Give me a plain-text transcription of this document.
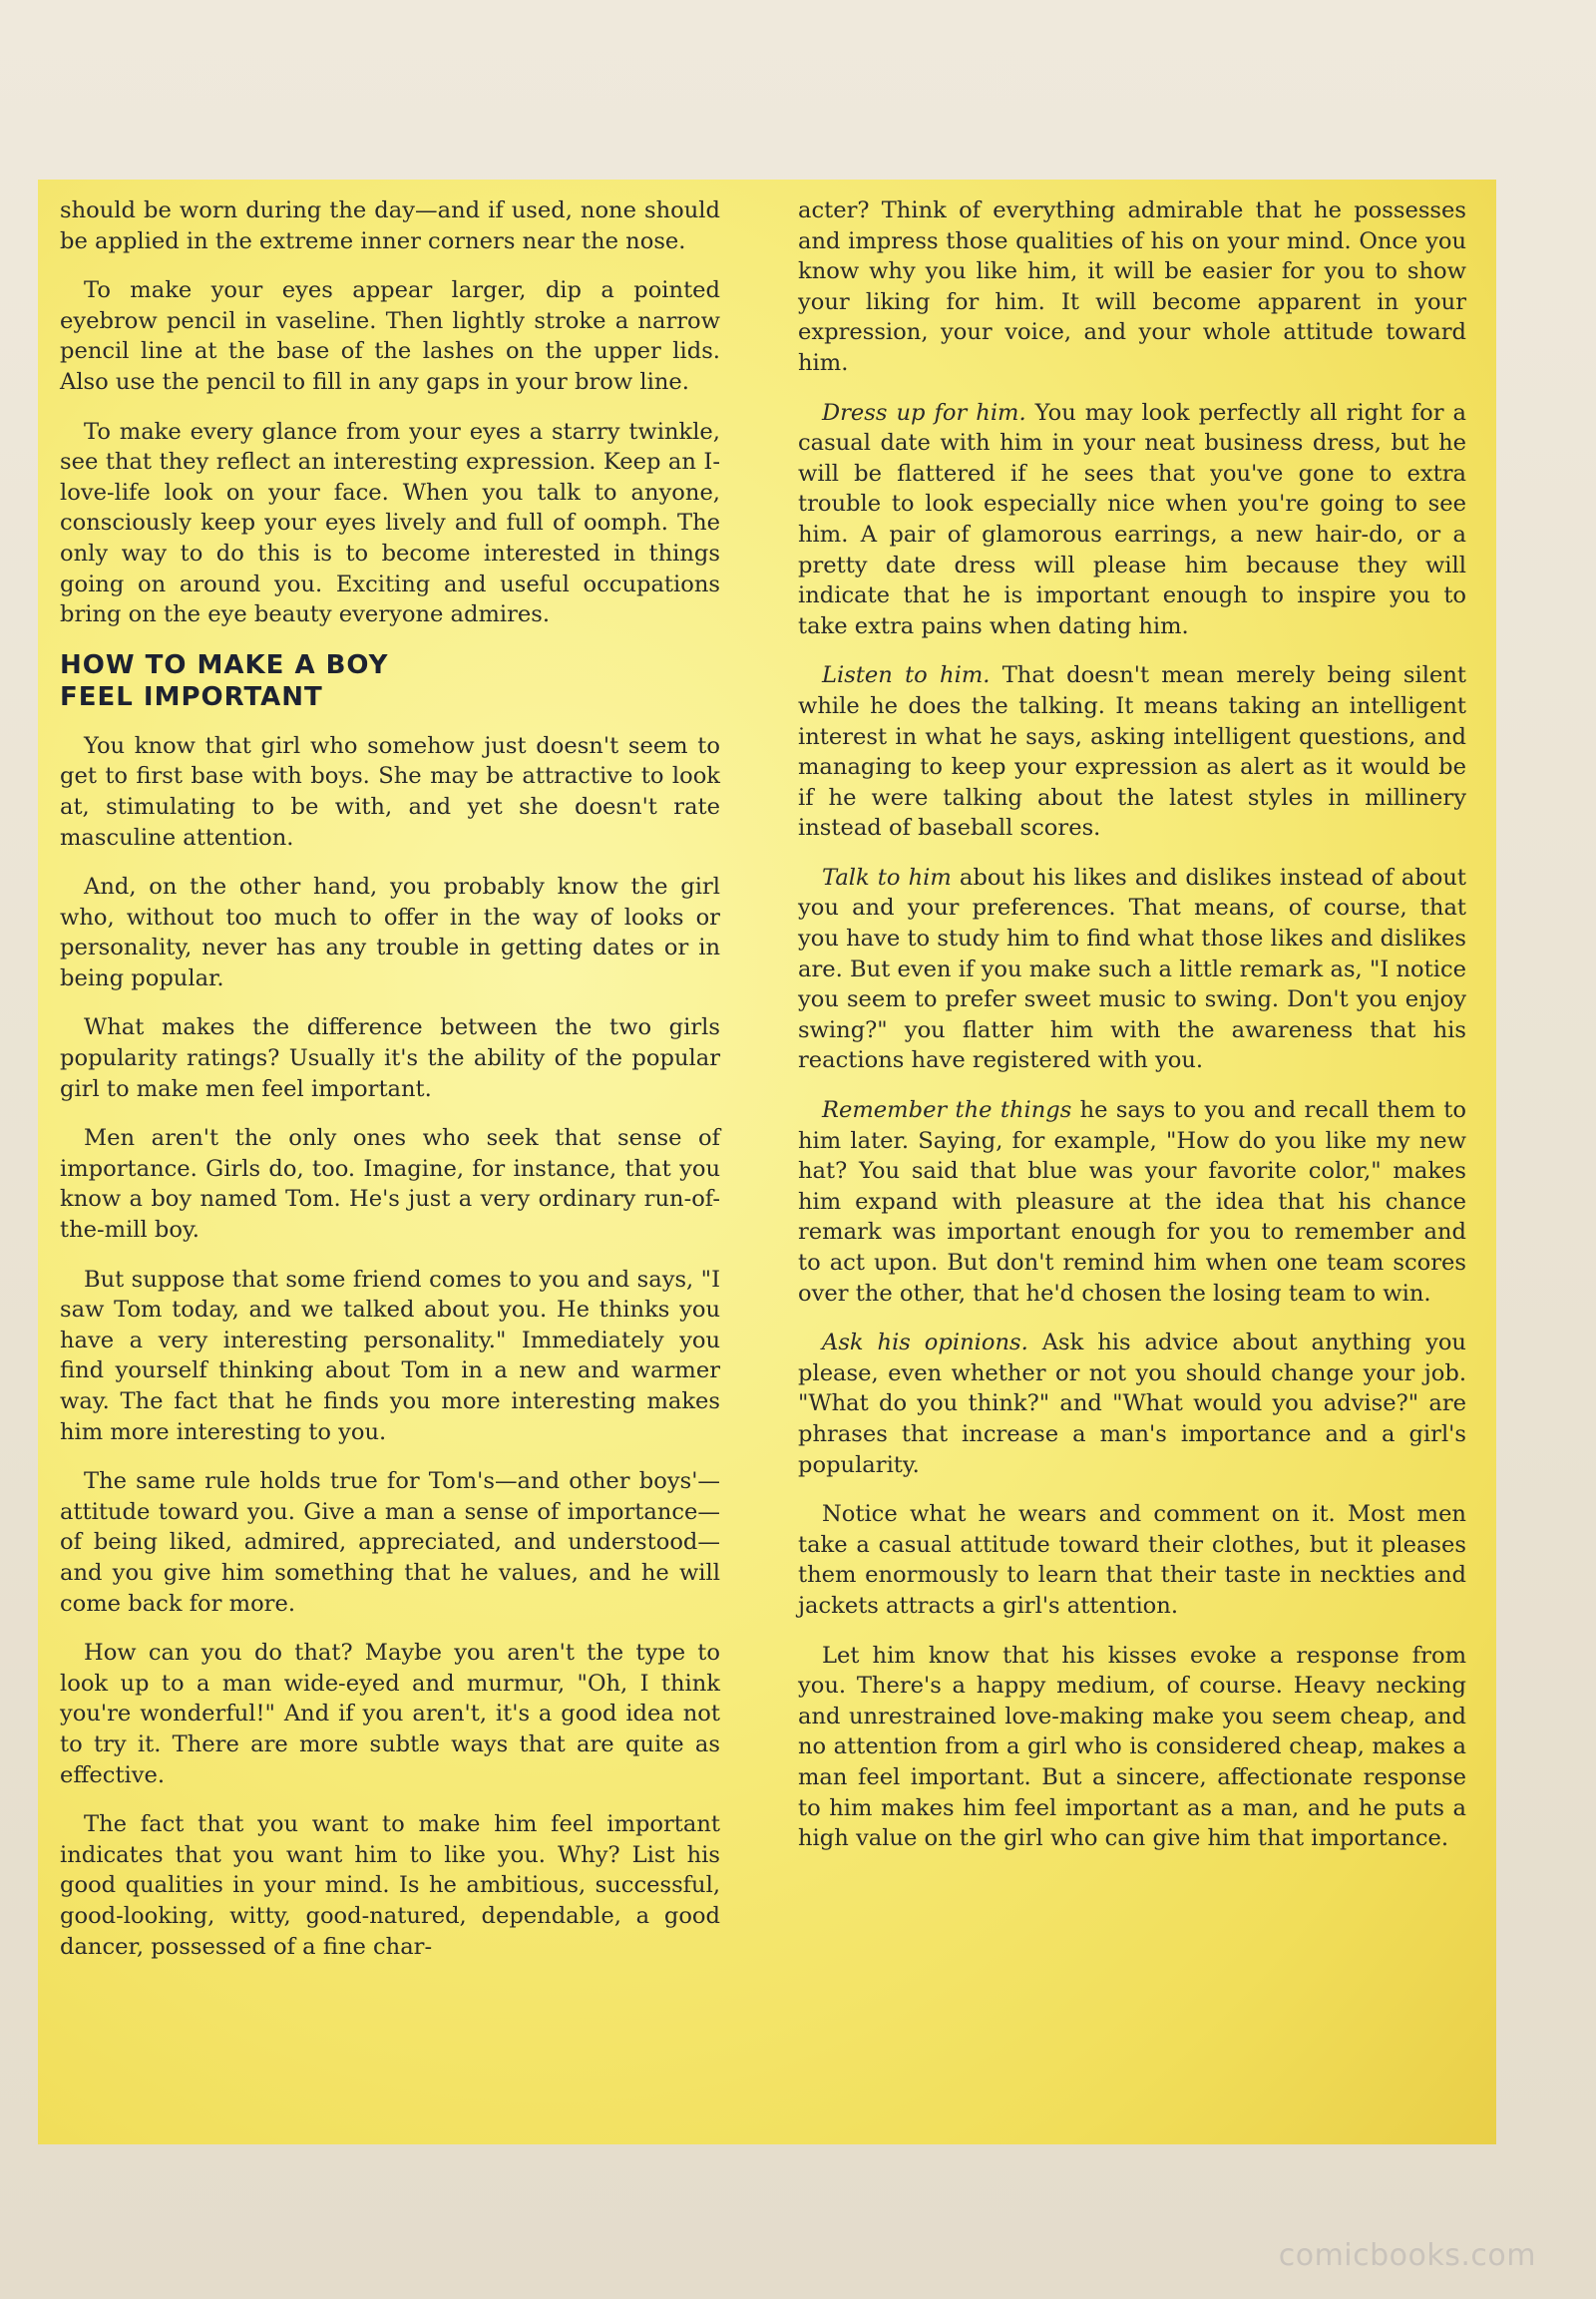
should be worn during the day—and if used, none should be applied in the extreme inner corners near the nose.

To make your eyes appear larger, dip a pointed eyebrow pencil in vaseline. Then lightly stroke a narrow pencil line at the base of the lashes on the upper lids. Also use the pencil to fill in any gaps in your brow line.

To make every glance from your eyes a starry twinkle, see that they reflect an interesting expression. Keep an I-love-life look on your face. When you talk to anyone, consciously keep your eyes lively and full of oomph. The only way to do this is to become interested in things going on around you. Exciting and useful occupations bring on the eye beauty everyone admires.

HOW TO MAKE A BOY
FEEL IMPORTANT

You know that girl who somehow just doesn't seem to get to first base with boys. She may be attractive to look at, stimulating to be with, and yet she doesn't rate masculine attention.

And, on the other hand, you probably know the girl who, without too much to offer in the way of looks or personality, never has any trouble in getting dates or in being popular.

What makes the difference between the two girls popularity ratings? Usually it's the ability of the popular girl to make men feel important.

Men aren't the only ones who seek that sense of importance. Girls do, too. Imagine, for instance, that you know a boy named Tom. He's just a very ordinary run-of-the-mill boy.

But suppose that some friend comes to you and says, "I saw Tom today, and we talked about you. He thinks you have a very interesting personality." Immediately you find yourself thinking about Tom in a new and warmer way. The fact that he finds you more interesting makes him more interesting to you.

The same rule holds true for Tom's—and other boys'—attitude toward you. Give a man a sense of importance—of being liked, admired, appreciated, and understood—and you give him something that he values, and he will come back for more.

How can you do that? Maybe you aren't the type to look up to a man wide-eyed and murmur, "Oh, I think you're wonderful!" And if you aren't, it's a good idea not to try it. There are more subtle ways that are quite as effective.

The fact that you want to make him feel important indicates that you want him to like you. Why? List his good qualities in your mind. Is he ambitious, successful, good-looking, witty, good-natured, dependable, a good dancer, possessed of a fine char-

acter? Think of everything admirable that he possesses and impress those qualities of his on your mind. Once you know why you like him, it will be easier for you to show your liking for him. It will become apparent in your expression, your voice, and your whole attitude toward him.

Dress up for him. You may look perfectly all right for a casual date with him in your neat business dress, but he will be flattered if he sees that you've gone to extra trouble to look especially nice when you're going to see him. A pair of glamorous earrings, a new hair-do, or a pretty date dress will please him because they will indicate that he is important enough to inspire you to take extra pains when dating him.

Listen to him. That doesn't mean merely being silent while he does the talking. It means taking an intelligent interest in what he says, asking intelligent questions, and managing to keep your expression as alert as it would be if he were talking about the latest styles in millinery instead of baseball scores.

Talk to him about his likes and dislikes instead of about you and your preferences. That means, of course, that you have to study him to find what those likes and dislikes are. But even if you make such a little remark as, "I notice you seem to prefer sweet music to swing. Don't you enjoy swing?" you flatter him with the awareness that his reactions have registered with you.

Remember the things he says to you and recall them to him later. Saying, for example, "How do you like my new hat? You said that blue was your favorite color," makes him expand with pleasure at the idea that his chance remark was important enough for you to remember and to act upon. But don't remind him when one team scores over the other, that he'd chosen the losing team to win.

Ask his opinions. Ask his advice about anything you please, even whether or not you should change your job. "What do you think?" and "What would you advise?" are phrases that increase a man's importance and a girl's popularity.

Notice what he wears and comment on it. Most men take a casual attitude toward their clothes, but it pleases them enormously to learn that their taste in neckties and jackets attracts a girl's attention.

Let him know that his kisses evoke a response from you. There's a happy medium, of course. Heavy necking and unrestrained love-making make you seem cheap, and no attention from a girl who is considered cheap, makes a man feel important. But a sincere, affectionate response to him makes him feel important as a man, and he puts a high value on the girl who can give him that importance.

comicbooks.com
